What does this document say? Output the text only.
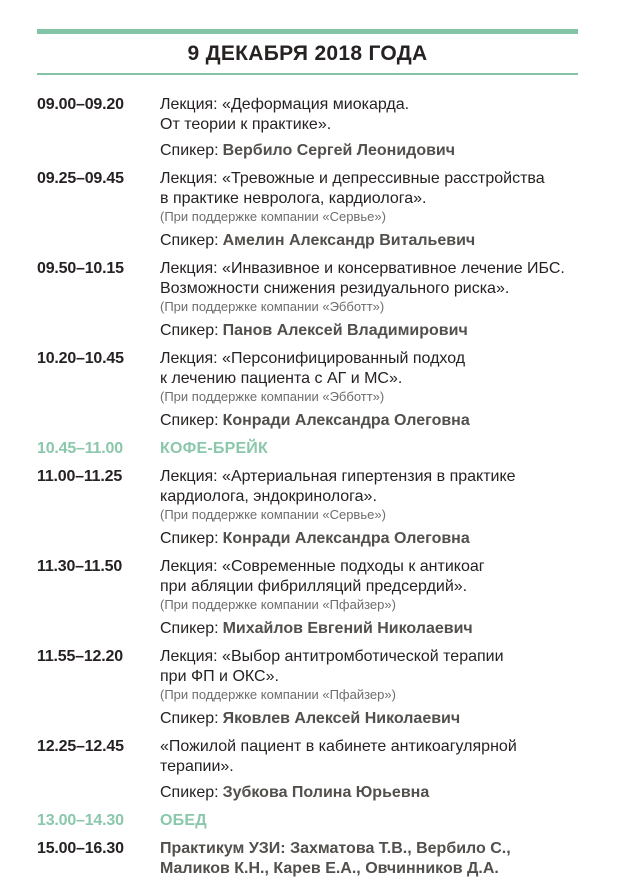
9 ДЕКАБРЯ 2018 ГОДА
09.00–09.20	Лекция: «Деформация миокарда.
От теории к практике».
Спикер: Вербило Сергей Леонидович
09.25–09.45	Лекция: «Тревожные и депрессивные расстройства
в практике невролога, кардиолога».
(При поддержке компании «Сервье»)
Спикер: Амелин Александр Витальевич
09.50–10.15	Лекция: «Инвазивное и консервативное лечение ИБС.
Возможности снижения резидуального риска».
(При поддержке компании «Эбботт»)
Спикер: Панов Алексей Владимирович
10.20–10.45	Лекция: «Персонифицированный подход
к лечению пациента с АГ и МС».
(При поддержке компании «Эбботт»)
Спикер: Конради Александра Олеговна
10.45–11.00	КОФЕ-БРЕЙК
11.00–11.25	Лекция: «Артериальная гипертензия в практике
кардиолога, эндокринолога».
(При поддержке компании «Сервье»)
Спикер: Конради Александра Олеговна
11.30–11.50	Лекция: «Современные подходы к антикоаг
при абляции фибрилляций предсердий».
(При поддержке компании «Пфайзер»)
Спикер: Михайлов Евгений Николаевич
11.55–12.20	Лекция: «Выбор антитромботической терапии
при ФП и ОКС».
(При поддержке компании «Пфайзер»)
Спикер: Яковлев Алексей Николаевич
12.25–12.45	«Пожилой пациент в кабинете антикоагулярной
терапии».
Спикер: Зубкова Полина Юрьевна
13.00–14.30	ОБЕД
15.00–16.30	Практикум УЗИ: Захматова Т.В., Вербило С.,
Маликов К.Н., Карев Е.А., Овчинников Д.А.
